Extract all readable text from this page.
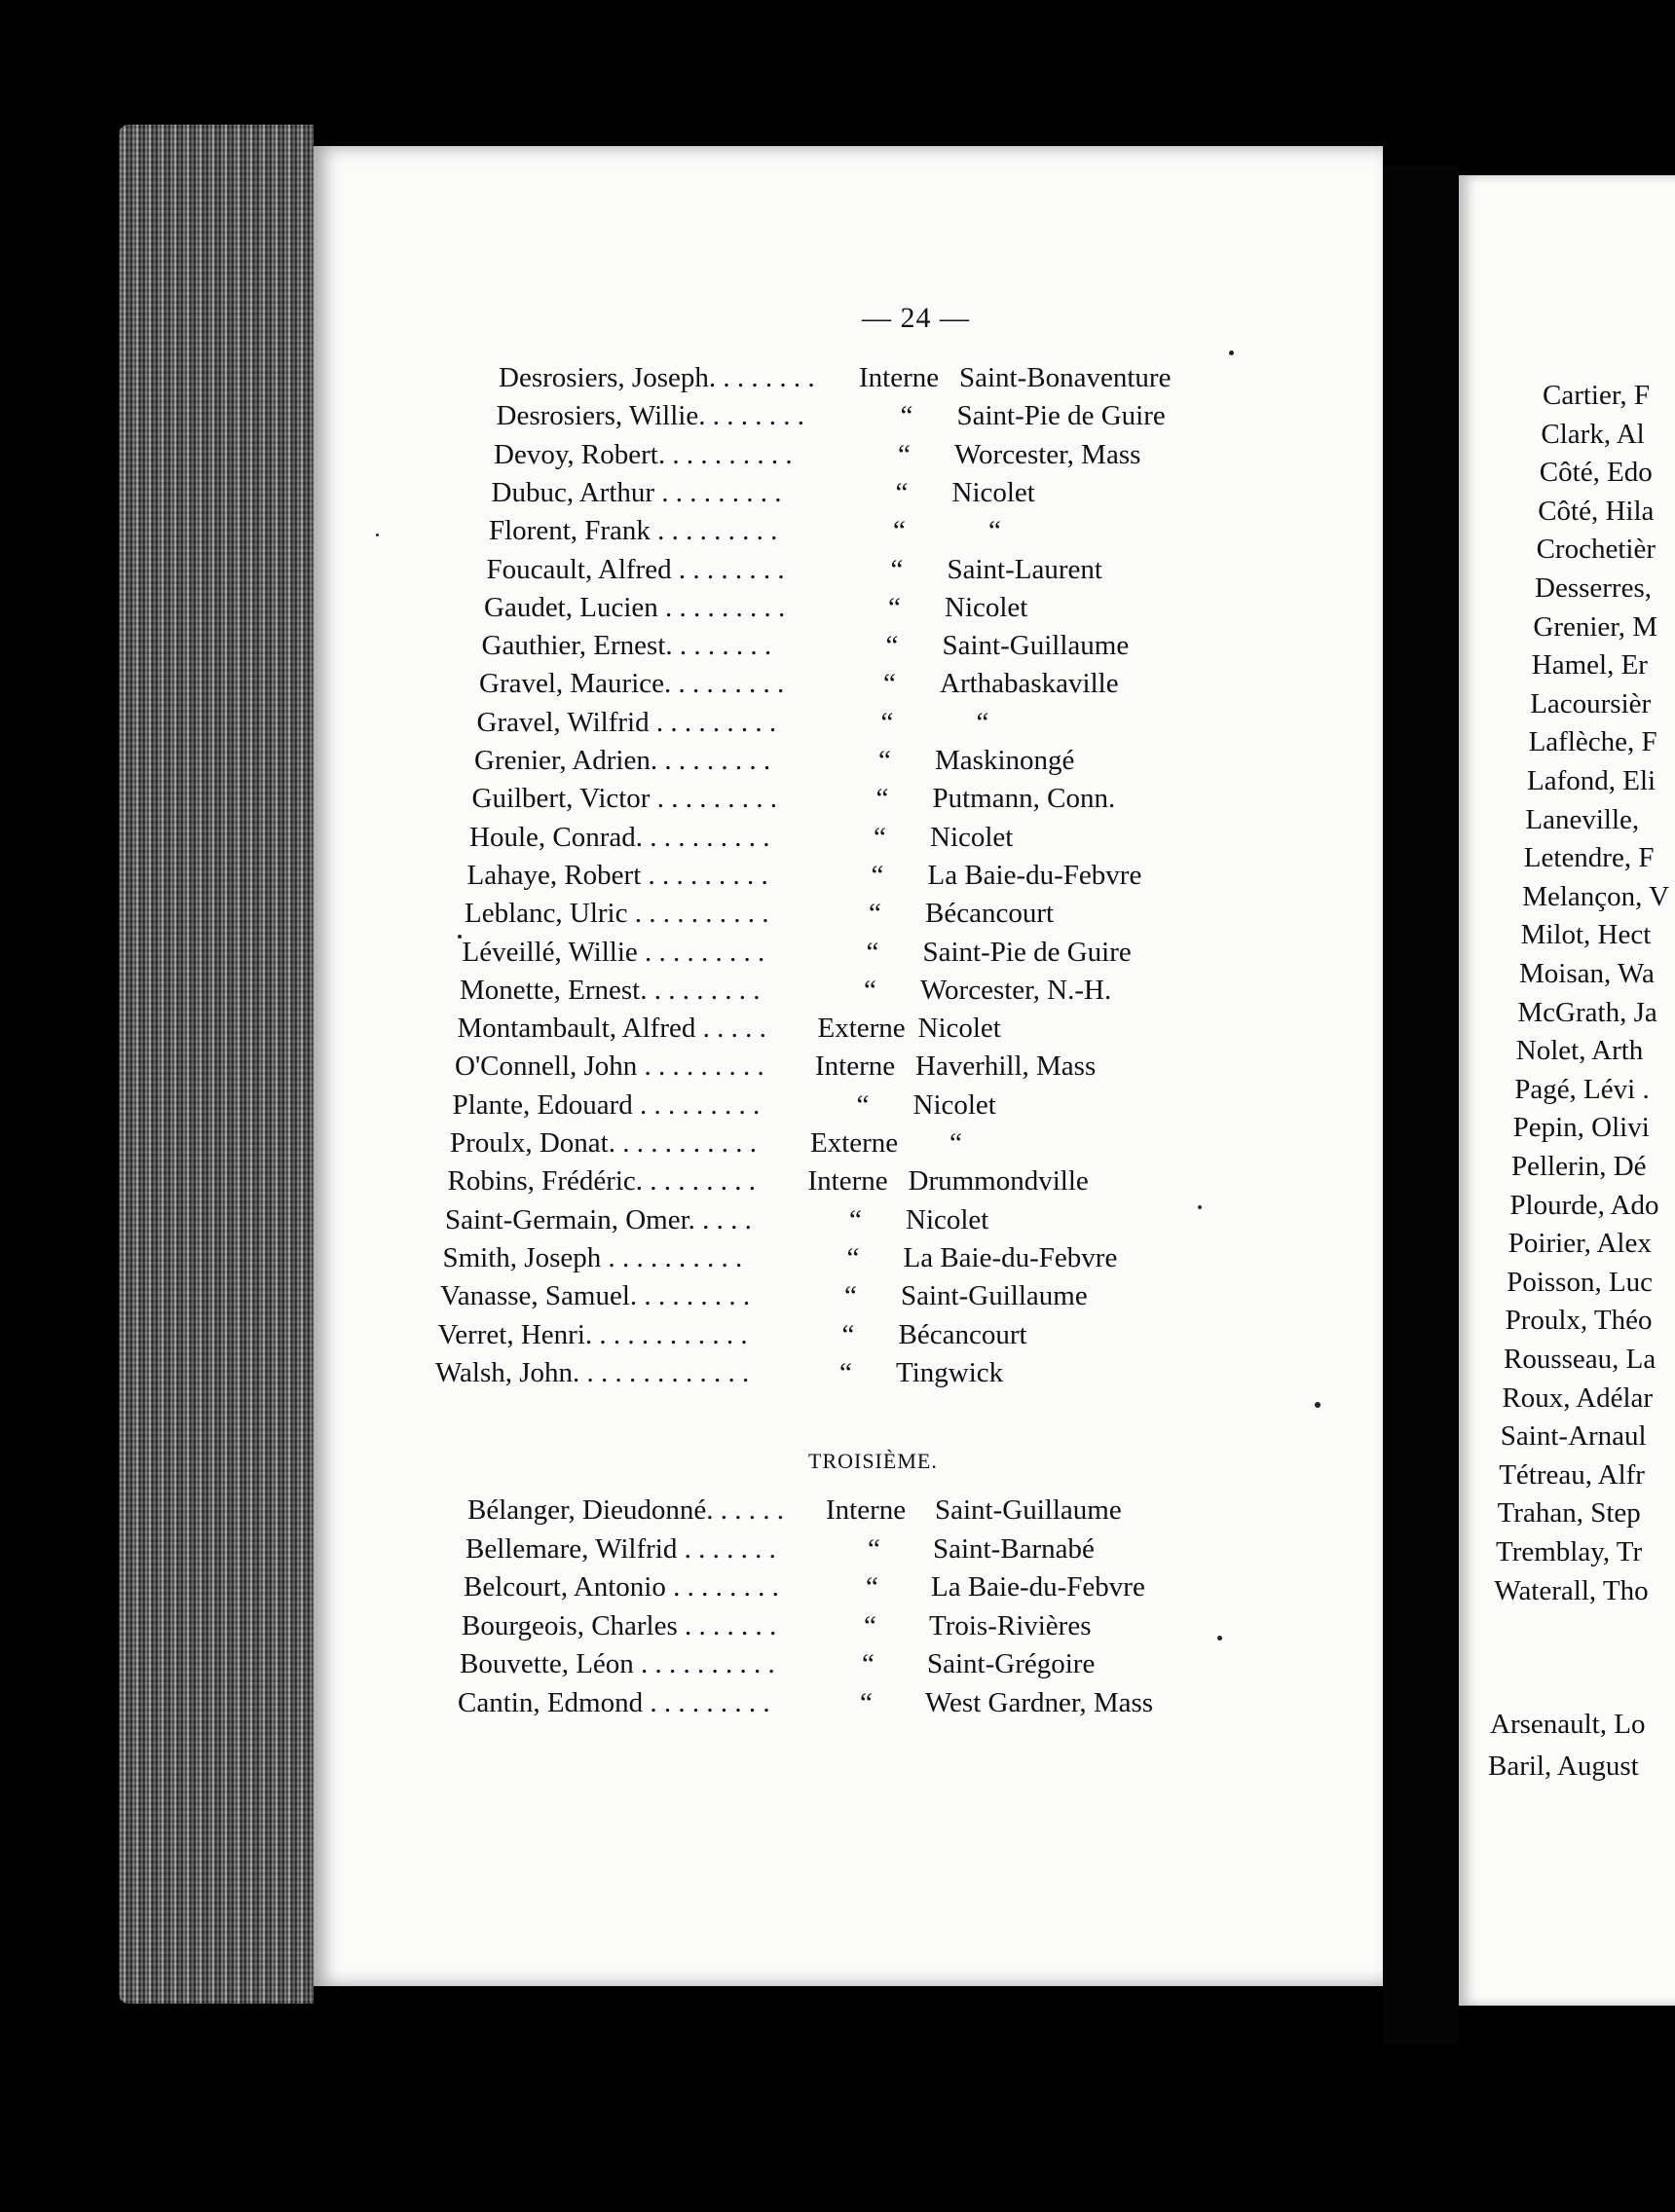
Cartier, F
Clark, Al
Côté, Edo
Côté, Hila
Crochetièr
Desserres,
Grenier, M
Hamel, Er
Lacoursièr
Laflèche, F
Lafond, Eli
Laneville,
Letendre, F
Melançon, V
Milot, Hect
Moisan, Wa
McGrath, Ja
Nolet, Arth
Pagé, Lévi .
Pepin, Olivi
Pellerin, Dé
Plourde, Ado
Poirier, Alex
Poisson, Luc
Proulx, Théo
Rousseau, La
Roux, Adélar
Saint-Arnaul
Tétreau, Alfr
Trahan, Step
Tremblay, Tr
Waterall, Tho
Arsenault, Lo
Baril, August
— 24 —
TROISIÈME.
Desrosiers, Joseph. . . . . . . . Interne Saint-Bonaventure
Desrosiers, Willie. . . . . . . .	“ Saint-Pie de Guire
Devoy, Robert. . . . . . . . . .	“ Worcester, Mass
Dubuc, Arthur . . . . . . . . .	“ Nicolet
Florent, Frank . . . . . . . . .	“	“
Foucault, Alfred . . . . . . . .	“ Saint-Laurent
Gaudet, Lucien . . . . . . . . .	“ Nicolet
Gauthier, Ernest. . . . . . . .	“ Saint-Guillaume
Gravel, Maurice. . . . . . . . .	“ Arthabaskaville
Gravel, Wilfrid . . . . . . . . .	“	“
Grenier, Adrien. . . . . . . . .	“ Maskinongé
Guilbert, Victor . . . . . . . . .	“ Putmann, Conn.
Houle, Conrad. . . . . . . . . .	“ Nicolet
Lahaye, Robert . . . . . . . . .	“ La Baie-du-Febvre
Leblanc, Ulric . . . . . . . . . .	“ Bécancourt
Léveillé, Willie . . . . . . . . .	“ Saint-Pie de Guire
Monette, Ernest. . . . . . . . .	“ Worcester, N.-H.
Montambault, Alfred . . . . . Externe Nicolet
O'Connell, John . . . . . . . . . Interne Haverhill, Mass
Plante, Edouard . . . . . . . . .	“ Nicolet
Proulx, Donat. . . . . . . . . . . Externe “
Robins, Frédéric. . . . . . . . . Interne Drummondville
Saint-Germain, Omer. . . . .	“ Nicolet
Smith, Joseph . . . . . . . . . .	“ La Baie-du-Febvre
Vanasse, Samuel. . . . . . . . .	“ Saint-Guillaume
Verret, Henri. . . . . . . . . . . .	“ Bécancourt
Walsh, John. . . . . . . . . . . . .	“ Tingwick
Bélanger, Dieudonné. . . . . . Interne Saint-Guillaume
Bellemare, Wilfrid . . . . . . .	“ Saint-Barnabé
Belcourt, Antonio . . . . . . . .	“ La Baie-du-Febvre
Bourgeois, Charles . . . . . . .	“ Trois-Rivières
Bouvette, Léon . . . . . . . . . .	“ Saint-Grégoire
Cantin, Edmond . . . . . . . . .	“ West Gardner, Mass
